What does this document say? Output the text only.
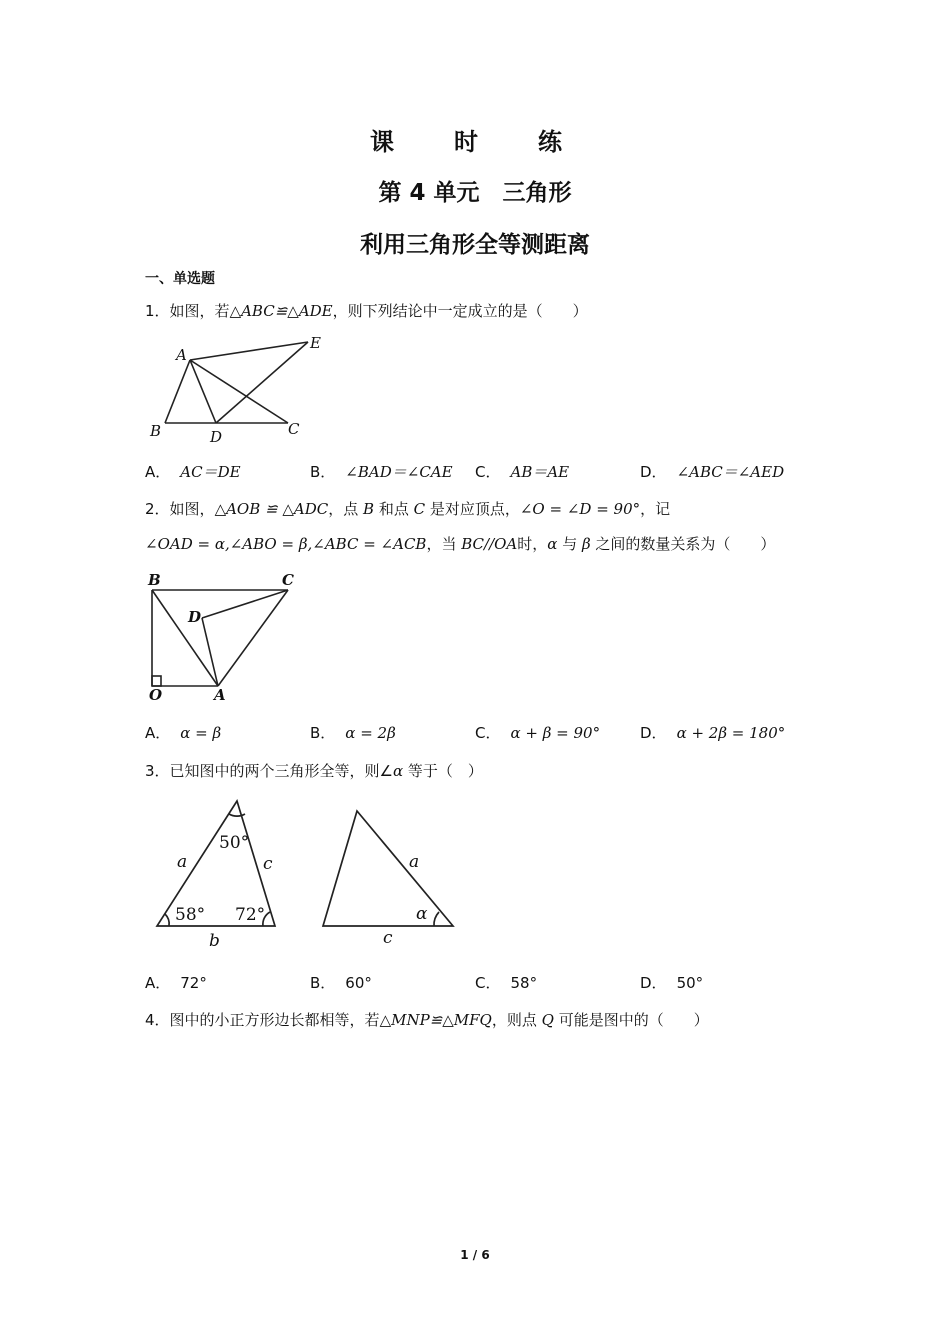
课　时　练
第 4 单元　三角形
利用三角形全等测距离
一、单选题
1．如图，若△ABC≌△ADE，则下列结论中一定成立的是（　　）
A
E
B	D	C
A． AC＝DE	B． ∠BAD＝∠CAE C． AB＝AE	D． ∠ABC＝∠AED
2．如图，△AOB ≌ △ADC，点 B 和点 C 是对应顶点，∠O = ∠D = 90°，记
∠OAD = α,∠ABO = β,∠ABC = ∠ACB，当 BC//OA时，α 与 β 之间的数量关系为（　　）
B	C
D
O	A
A． α = β	B． α = 2β	C． α + β = 90°	D． α + 2β = 180°
3．已知图中的两个三角形全等，则∠α 等于（　）
50°
a	c
58° 72°
b
a
α
c
A． 72°	B． 60°	C． 58°	D． 50°
4．图中的小正方形边长都相等，若△MNP≌△MFQ，则点 Q 可能是图中的（　　）
1 / 6
